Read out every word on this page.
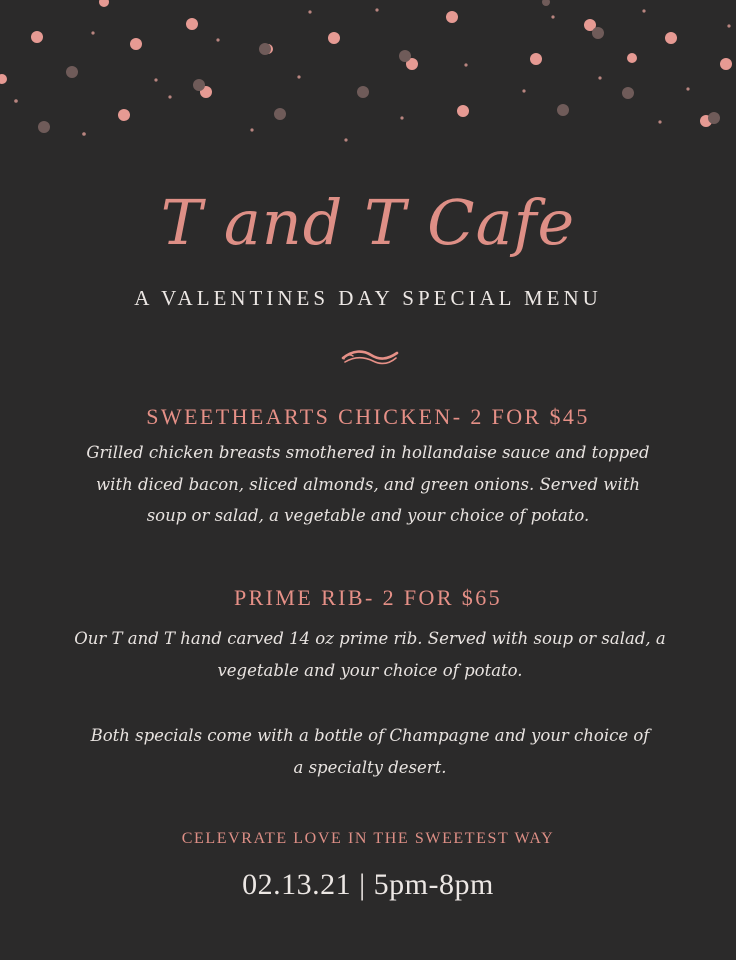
T and T Cafe
A VALENTINES DAY SPECIAL MENU
SWEETHEARTS CHICKEN- 2 FOR $45
Grilled chicken breasts smothered in hollandaise sauce and topped with diced bacon, sliced almonds, and green onions. Served with soup or salad, a vegetable and your choice of potato.
PRIME RIB- 2 FOR $65
Our T and T hand carved 14 oz prime rib. Served with soup or salad, a vegetable and your choice of potato.
Both specials come with a bottle of Champagne and your choice of a specialty desert.
CELEVRATE LOVE IN THE SWEETEST WAY
02.13.21 | 5pm-8pm
